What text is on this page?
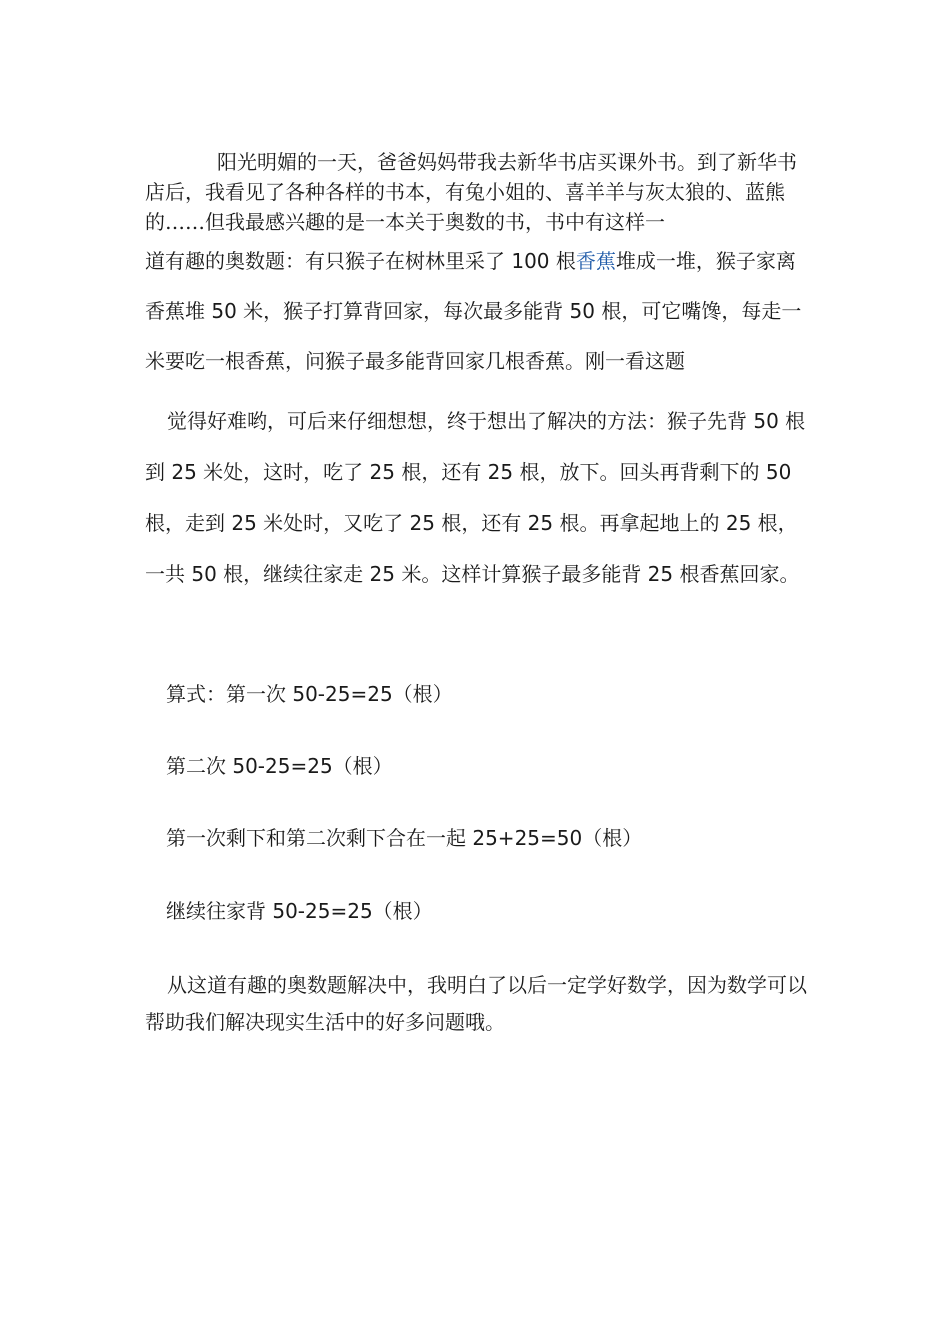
阳光明媚的一天，爸爸妈妈带我去新华书店买课外书。到了新华书店后，我看见了各种各样的书本，有兔小姐的、喜羊羊与灰太狼的、蓝熊的……但我最感兴趣的是一本关于奥数的书，书中有这样一

道有趣的奥数题：有只猴子在树林里采了 100 根香蕉堆成一堆，猴子家离香蕉堆 50 米，猴子打算背回家，每次最多能背 50 根，可它嘴馋，每走一米要吃一根香蕉，问猴子最多能背回家几根香蕉。刚一看这题

觉得好难哟，可后来仔细想想，终于想出了解决的方法：猴子先背 50 根到 25 米处，这时，吃了 25 根，还有 25 根，放下。回头再背剩下的 50 根，走到 25 米处时，又吃了 25 根，还有 25 根。再拿起地上的 25 根，一共 50 根，继续往家走 25 米。这样计算猴子最多能背 25 根香蕉回家。

算式：第一次 50-25=25（根）

第二次 50-25=25（根）

第一次剩下和第二次剩下合在一起 25+25=50（根）

继续往家背 50-25=25（根）

从这道有趣的奥数题解决中，我明白了以后一定学好数学，因为数学可以帮助我们解决现实生活中的好多问题哦。
